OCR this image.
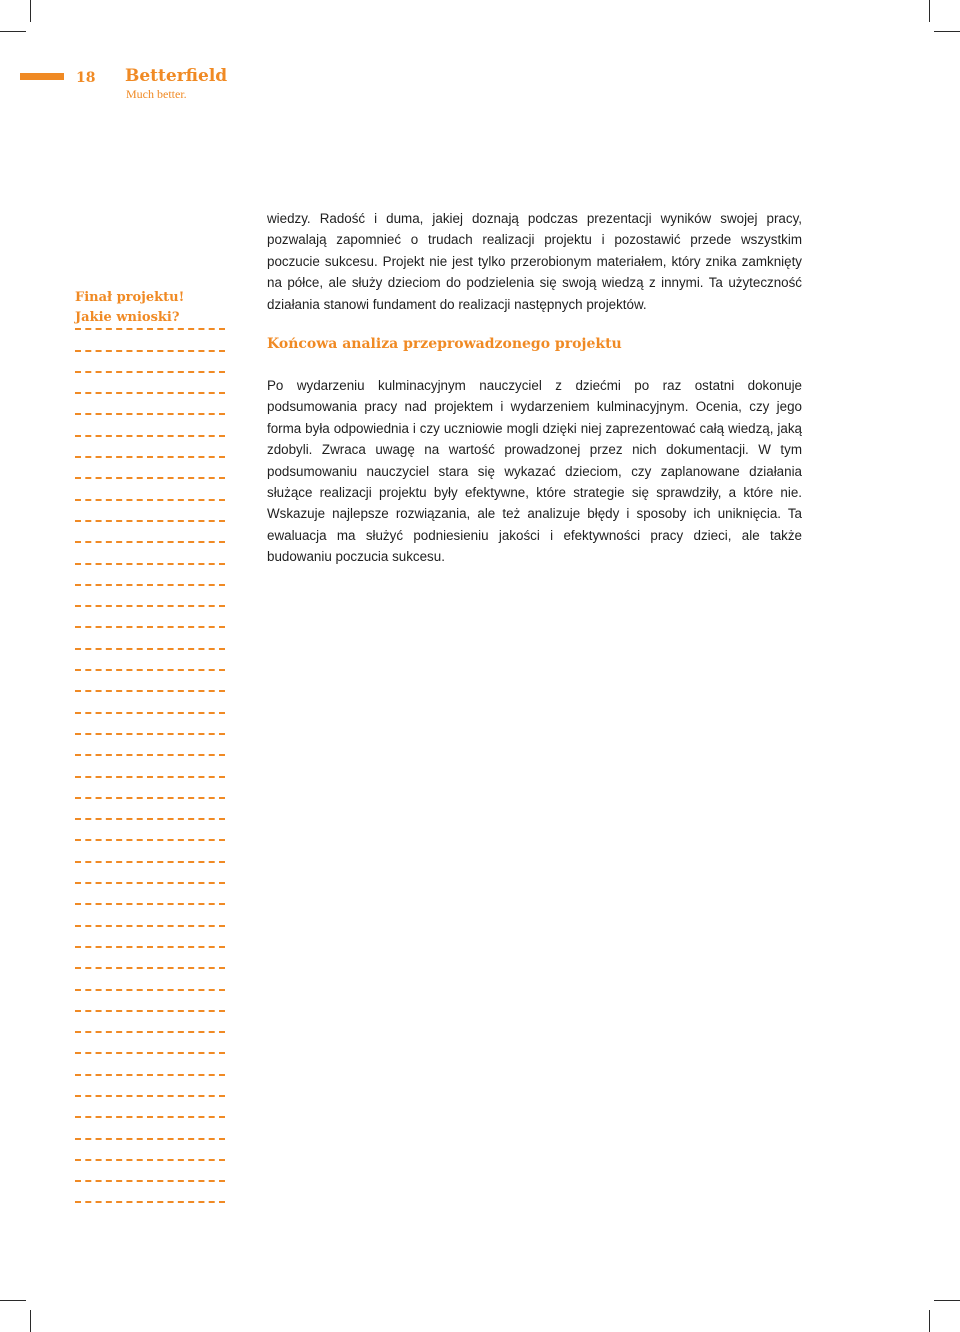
18 Betterfield
Much better.
Finał projektu!
Jakie wnioski?

wiedzy. Radość i duma, jakiej doznają podczas prezentacji wyników swojej pracy, pozwalają zapomnieć o trudach realizacji projektu i pozostawić przede wszystkim poczucie sukcesu. Projekt nie jest tylko przerobionym materiałem, który znika zamknięty na półce, ale służy dzieciom do podzielenia się swoją wiedzą z innymi. Ta użyteczność działania stanowi fundament do realizacji następnych projektów.

Końcowa analiza przeprowadzonego projektu

Po wydarzeniu kulminacyjnym nauczyciel z dziećmi po raz ostatni dokonuje podsumowania pracy nad projektem i wydarzeniem kulminacyjnym. Ocenia, czy jego forma była odpowiednia i czy uczniowie mogli dzięki niej zaprezentować całą wiedzą, jaką zdobyli. Zwraca uwagę na wartość prowadzonej przez nich dokumentacji. W tym podsumowaniu nauczyciel stara się wykazać dzieciom, czy zaplanowane działania służące realizacji projektu były efektywne, które strategie się sprawdziły, a które nie. Wskazuje najlepsze rozwiązania, ale też analizuje błędy i sposoby ich uniknięcia. Ta ewaluacja ma służyć podniesieniu jakości i efektywności pracy dzieci, ale także budowaniu poczucia sukcesu.
